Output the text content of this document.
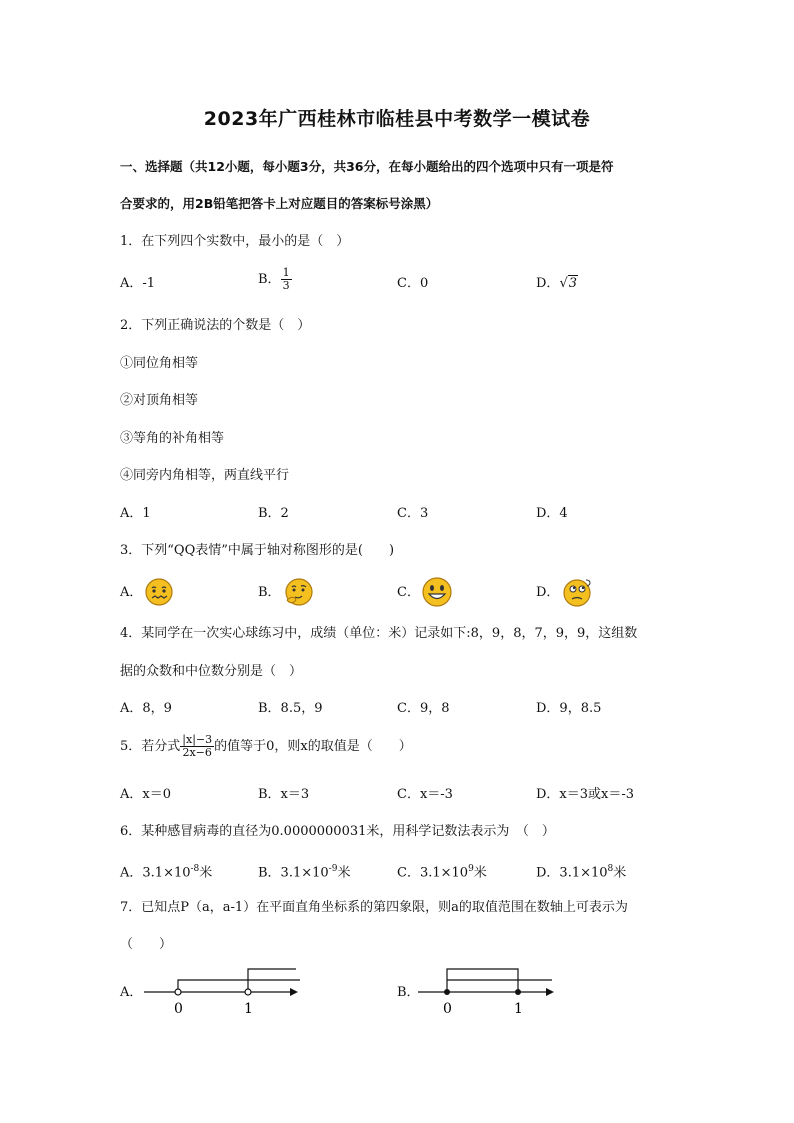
2023年广西桂林市临桂县中考数学一模试卷
一、选择题（共12小题，每小题3分，共36分，在每小题给出的四个选项中只有一项是符
合要求的，用2B铅笔把答卡上对应题目的答案标号涂黑）
1．在下列四个实数中，最小的是（　）
A．-1	B． $\frac{1}{3}$	C．0	D．√3
2．下列正确说法的个数是（　）
①同位角相等
②对顶角相等
③等角的补角相等
④同旁内角相等，两直线平行
A．1	B．2	C．3	D．4
3．下列“QQ表情”中属于轴对称图形的是(　　)
A．	B．	C．	D．
4．某同学在一次实心球练习中，成绩（单位：米）记录如下:8，9，8，7，9，9，这组数
据的众数和中位数分别是（　）
A．8，9	B．8.5，9	C．9，8	D．9，8.5
5．若分式 $\frac{|x|-3}{2x-6}$ 的值等于0，则x的取值是（　　）
A．x＝0	B．x＝3	C．x＝-3	D．x＝3或x＝-3
6．某种感冒病毒的直径为0.0000000031米，用科学记数法表示为　（　）
A．$3.1\times 10^{-8}$米	B．$3.1\times 10^{-9}$米	C．$3.1\times 10^9$米	D．$3.1\times 10^8$米
7．已知点P（a，a-1）在平面直角坐标系的第四象限，则a的取值范围在数轴上可表示为
（　　）
A．
0	1
B．
0	1
